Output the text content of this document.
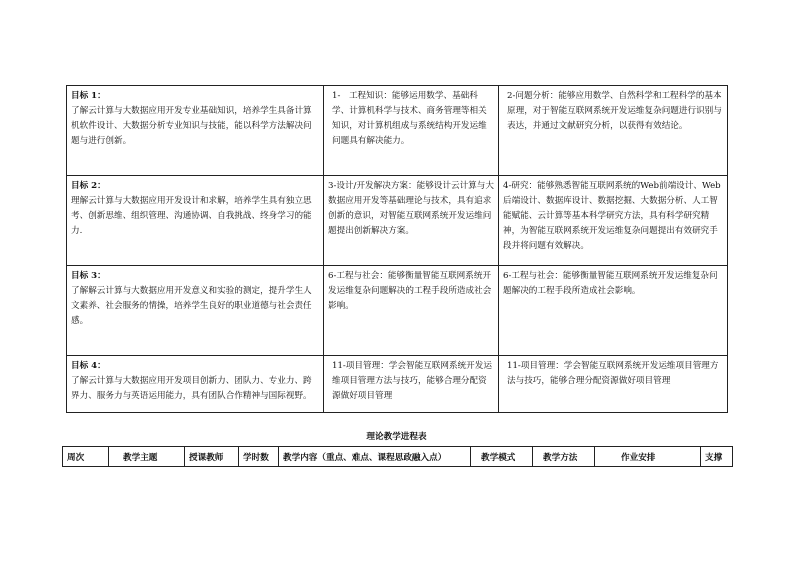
目标 1：
了解云计算与大数据应用开发专业基础知识，培养学生具备计算机软件设计、大数据分析专业知识与技能，能以科学方法解决问题与进行创新。	1-　工程知识：能够运用数学、基础科学、计算机科学与技术、商务管理等相关知识，对计算机组成与系统结构开发运维问题具有解决能力。	2-问题分析：能够应用数学、自然科学和工程科学的基本原理，对于智能互联网系统开发运维复杂问题进行识别与表达，并通过文献研究分析，以获得有效结论。

目标 2：
理解云计算与大数据应用开发设计和求解，培养学生具有独立思考、创新思维、组织管理、沟通协调、自我挑战、终身学习的能力.	3-设计/开发解决方案：能够设计云计算与大数据应用开发等基础理论与技术，具有追求创新的意识，对智能互联网系统开发运维问题提出创新解决方案。	4-研究：能够熟悉智能互联网系统的Web前端设计、Web后端设计、数据库设计、数据挖掘、大数据分析、人工智能赋能、云计算等基本科学研究方法，具有科学研究精神，为智能互联网系统开发运维复杂问题提出有效研究手段并将问题有效解决。

目标 3：
了解解云计算与大数据应用开发意义和实验的测定，提升学生人文素养、社会服务的情操，培养学生良好的职业道德与社会责任感。	6-工程与社会：能够衡量智能互联网系统开发运维复杂问题解决的工程手段所造成社会影响。	6-工程与社会：能够衡量智能互联网系统开发运维复杂问题解决的工程手段所造成社会影响。

目标 4：
了解云计算与大数据应用开发项目创新力、团队力、专业力、跨界力、服务力与英语运用能力，具有团队合作精神与国际视野。	11-项目管理：学会智能互联网系统开发运维项目管理方法与技巧，能够合理分配资源做好项目管理	11-项目管理：学会智能互联网系统开发运维项目管理方法与技巧，能够合理分配资源做好项目管理
理论教学进程表
周次	教学主题	授课教师	学时数	教学内容（重点、难点、课程思政融入点）	教学模式	教学方法	作业安排	支撑
